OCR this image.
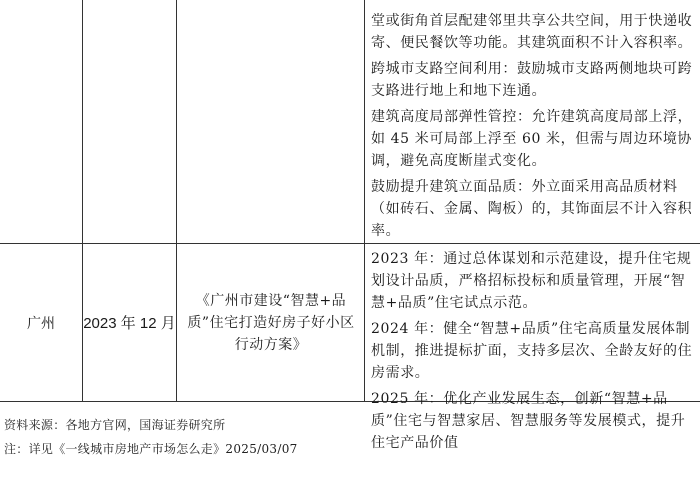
堂或街角首层配建邻里共享公共空间，用于快递收寄、便民餐饮等功能。其建筑面积不计入容积率。

跨城市支路空间利用：鼓励城市支路两侧地块可跨支路进行地上和地下连通。

建筑高度局部弹性管控：允许建筑高度局部上浮，如 45 米可局部上浮至 60 米，但需与周边环境协调，避免高度断崖式变化。

鼓励提升建筑立面品质：外立面采用高品质材料（如砖石、金属、陶板）的，其饰面层不计入容积率。

广州	2023 年 12 月
《广州市建设“智慧+品质”住宅打造好房子好小区行动方案》

2023 年：通过总体谋划和示范建设，提升住宅规划设计品质，严格招标投标和质量管理，开展“智慧+品质”住宅试点示范。

2024 年：健全“智慧+品质”住宅高质量发展体制机制，推进提标扩面，支持多层次、全龄友好的住房需求。

2025 年：优化产业发展生态，创新“智慧+品质”住宅与智慧家居、智慧服务等发展模式，提升住宅产品价值

资料来源：各地方官网，国海证券研究所
注：详见《一线城市房地产市场怎么走》2025/03/07
